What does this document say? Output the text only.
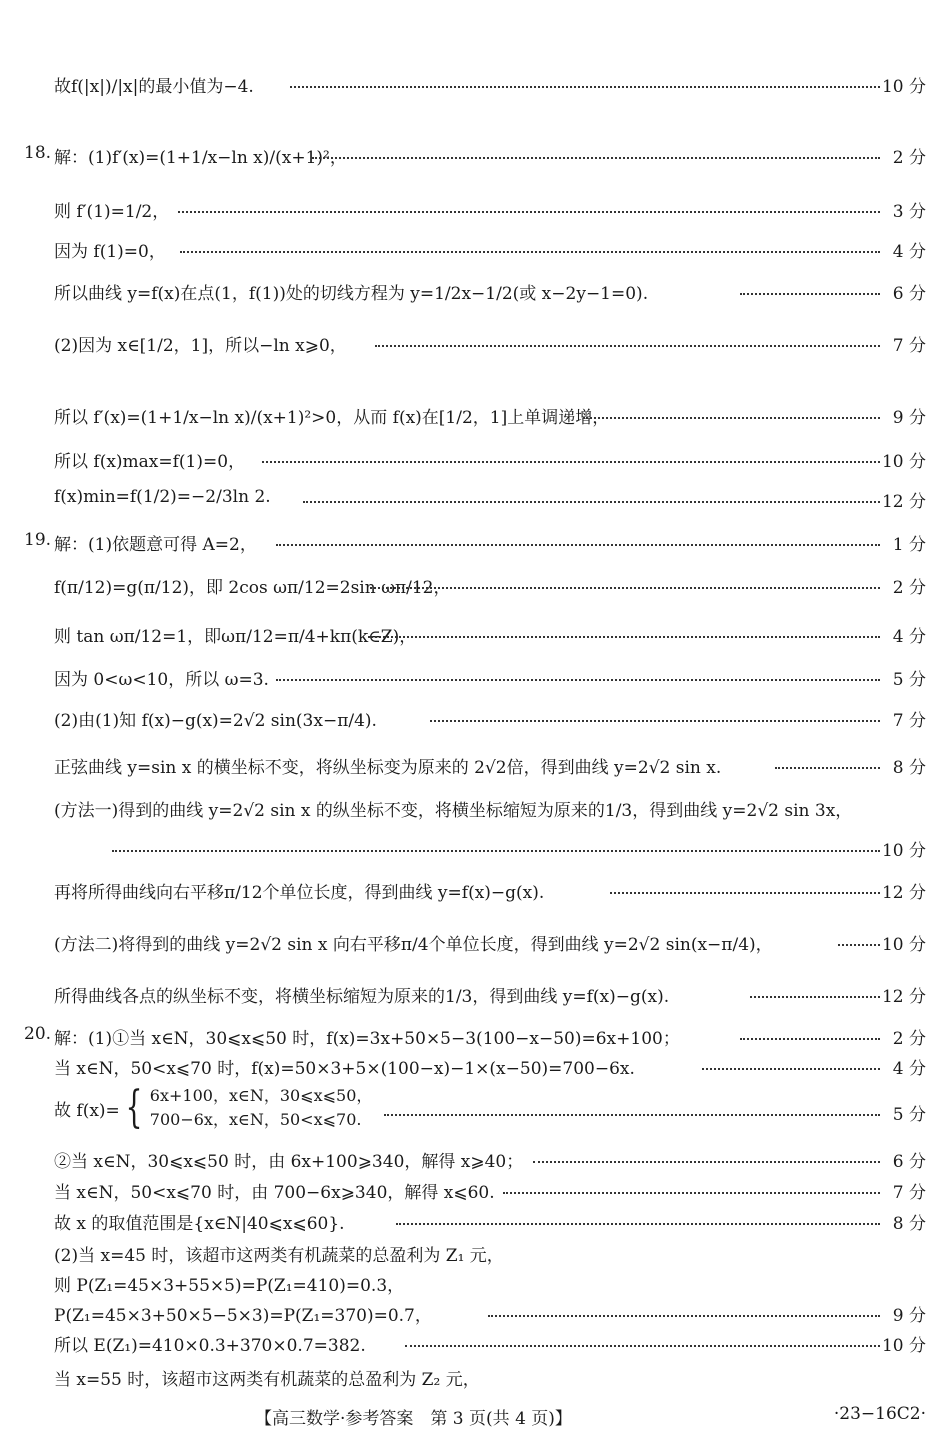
故f(|x|)/|x|的最小值为−4.	10 分
18. 解：(1)f′(x)=(1+1/x−ln x)/(x+1)²，	2 分
则 f′(1)=1/2，	3 分
因为 f(1)=0，	4 分
所以曲线 y=f(x)在点(1，f(1))处的切线方程为 y=1/2x−1/2(或 x−2y−1=0).	6 分
(2)因为 x∈[1/2，1]，所以−ln x⩾0，	7 分
所以 f′(x)=(1+1/x−ln x)/(x+1)²>0，从而 f(x)在[1/2，1]上单调递增，	9 分
所以 f(x)max=f(1)=0，	10 分
f(x)min=f(1/2)=−2/3ln 2.	12 分
19. 解：(1)依题意可得 A=2，	1 分
f(π/12)=g(π/12)，即 2cos ωπ/12=2sin ωπ/12，	2 分
则 tan ωπ/12=1，即ωπ/12=π/4+kπ(k∈Z)，	4 分
因为 0<ω<10，所以 ω=3.	5 分
(2)由(1)知 f(x)−g(x)=2√2 sin(3x−π/4).	7 分
正弦曲线 y=sin x 的横坐标不变，将纵坐标变为原来的 2√2倍，得到曲线 y=2√2 sin x.	8 分
(方法一)得到的曲线 y=2√2 sin x 的纵坐标不变，将横坐标缩短为原来的1/3，得到曲线 y=2√2 sin 3x，
10 分
再将所得曲线向右平移π/12个单位长度，得到曲线 y=f(x)−g(x).	12 分
(方法二)将得到的曲线 y=2√2 sin x 向右平移π/4个单位长度，得到曲线 y=2√2 sin(x−π/4)，	10 分
所得曲线各点的纵坐标不变，将横坐标缩短为原来的1/3，得到曲线 y=f(x)−g(x).	12 分
20. 解：(1)①当 x∈N，30⩽x⩽50 时，f(x)=3x+50×5−3(100−x−50)=6x+100；	2 分
当 x∈N，50<x⩽70 时，f(x)=50×3+5×(100−x)−1×(x−50)=700−6x.	4 分
故 f(x)= { 6x+100，x∈N，30⩽x⩽50，
700−6x，x∈N，50<x⩽70.	5 分
②当 x∈N，30⩽x⩽50 时，由 6x+100⩾340，解得 x⩾40；	6 分
当 x∈N，50<x⩽70 时，由 700−6x⩾340，解得 x⩽60.	7 分
故 x 的取值范围是{x∈N|40⩽x⩽60}.	8 分
(2)当 x=45 时，该超市这两类有机蔬菜的总盈利为 Z₁ 元，
则 P(Z₁=45×3+55×5)=P(Z₁=410)=0.3，
P(Z₁=45×3+50×5−5×3)=P(Z₁=370)=0.7，	9 分
所以 E(Z₁)=410×0.3+370×0.7=382.	10 分
当 x=55 时，该超市这两类有机蔬菜的总盈利为 Z₂ 元，
【高三数学·参考答案　第 3 页(共 4 页)】	·23−16C2·
